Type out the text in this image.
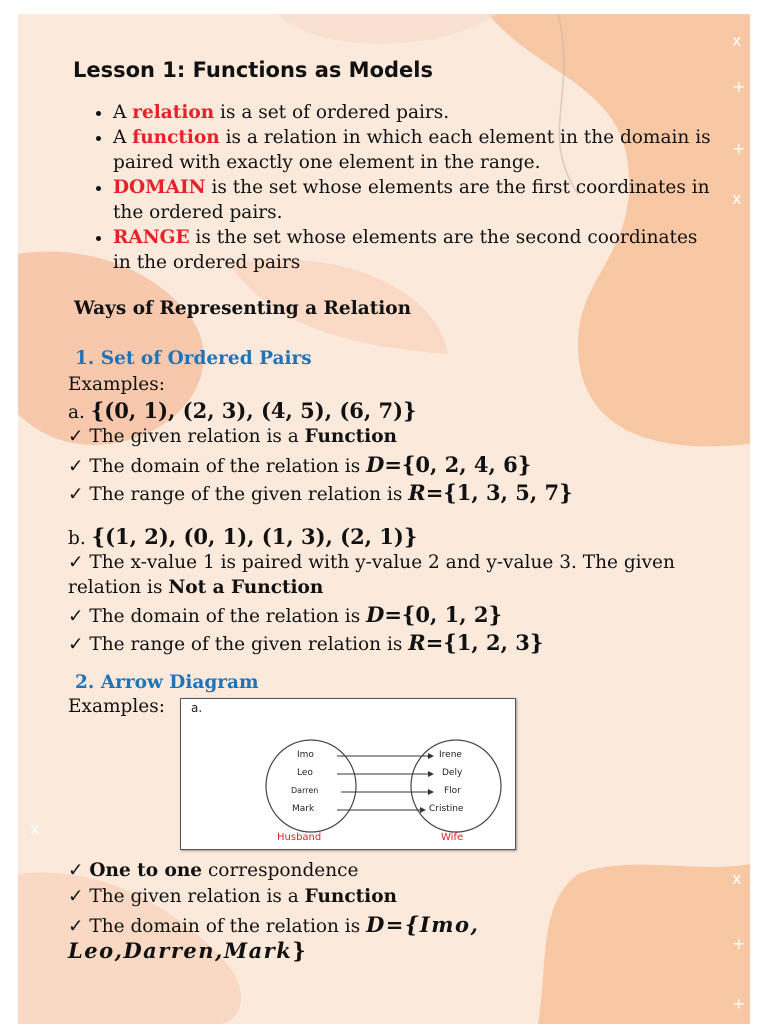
x
+
+
x
x
x
+
+
Lesson 1: Functions as Models
• A relation is a set of ordered pairs.
• A function is a relation in which each element in the domain is paired with exactly one element in the range.
• DOMAIN is the set whose elements are the first coordinates in the ordered pairs.
• RANGE is the set whose elements are the second coordinates in the ordered pairs
Ways of Representing a Relation
1. Set of Ordered Pairs
Examples:
a. {(𝟎, 𝟏), (𝟐, 𝟑), (𝟒, 𝟓), (𝟔, 𝟕)}
✓ The given relation is a Function
✓ The domain of the relation is D={𝟎, 𝟐, 𝟒, 𝟔}
✓ The range of the given relation is R={𝟏, 𝟑, 𝟓, 𝟕}
b. {(𝟏, 𝟐), (𝟎, 𝟏), (𝟏, 𝟑), (𝟐, 𝟏)}
✓ The x-value 1 is paired with y-value 2 and y-value 3. The given relation is Not a Function
✓ The domain of the relation is D={𝟎, 𝟏, 𝟐}
✓ The range of the given relation is R={𝟏, 𝟐, 𝟑}
2. Arrow Diagram
Examples: a.
Imo
Leo
Darren
Mark
Irene
Dely
Flor
Cristine
Husband	Wife
✓ One to one correspondence
✓ The given relation is a Function
✓ The domain of the relation is D={Imo,
Leo,Darren,Mark}
